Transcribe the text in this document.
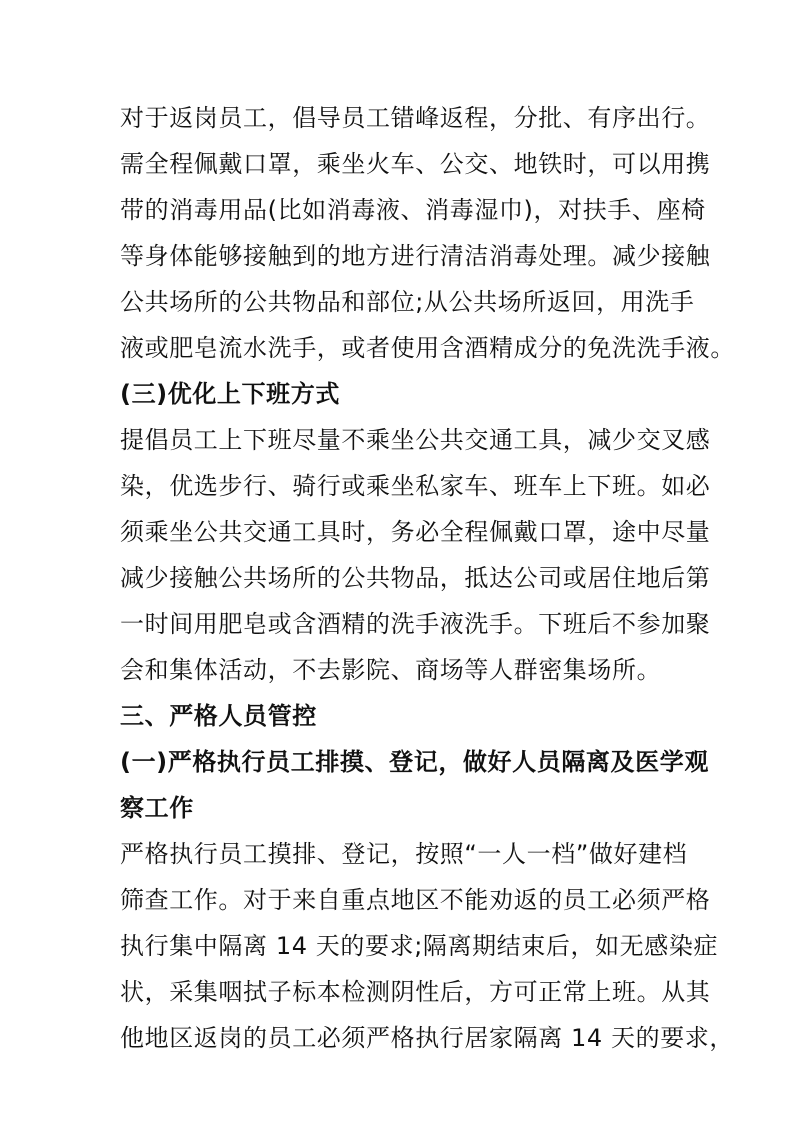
对于返岗员工，倡导员工错峰返程，分批、有序出行。
需全程佩戴口罩，乘坐火车、公交、地铁时，可以用携
带的消毒用品(比如消毒液、消毒湿巾)，对扶手、座椅
等身体能够接触到的地方进行清洁消毒处理。减少接触
公共场所的公共物品和部位;从公共场所返回，用洗手
液或肥皂流水洗手，或者使用含酒精成分的免洗洗手液。
(三)优化上下班方式
提倡员工上下班尽量不乘坐公共交通工具，减少交叉感
染，优选步行、骑行或乘坐私家车、班车上下班。如必
须乘坐公共交通工具时，务必全程佩戴口罩，途中尽量
减少接触公共场所的公共物品，抵达公司或居住地后第
一时间用肥皂或含酒精的洗手液洗手。下班后不参加聚
会和集体活动，不去影院、商场等人群密集场所。
三、严格人员管控
(一)严格执行员工排摸、登记，做好人员隔离及医学观
察工作
严格执行员工摸排、登记，按照“一人一档”做好建档
筛查工作。对于来自重点地区不能劝返的员工必须严格
执行集中隔离 14 天的要求;隔离期结束后，如无感染症
状，采集咽拭子标本检测阴性后，方可正常上班。从其
他地区返岗的员工必须严格执行居家隔离 14 天的要求，
